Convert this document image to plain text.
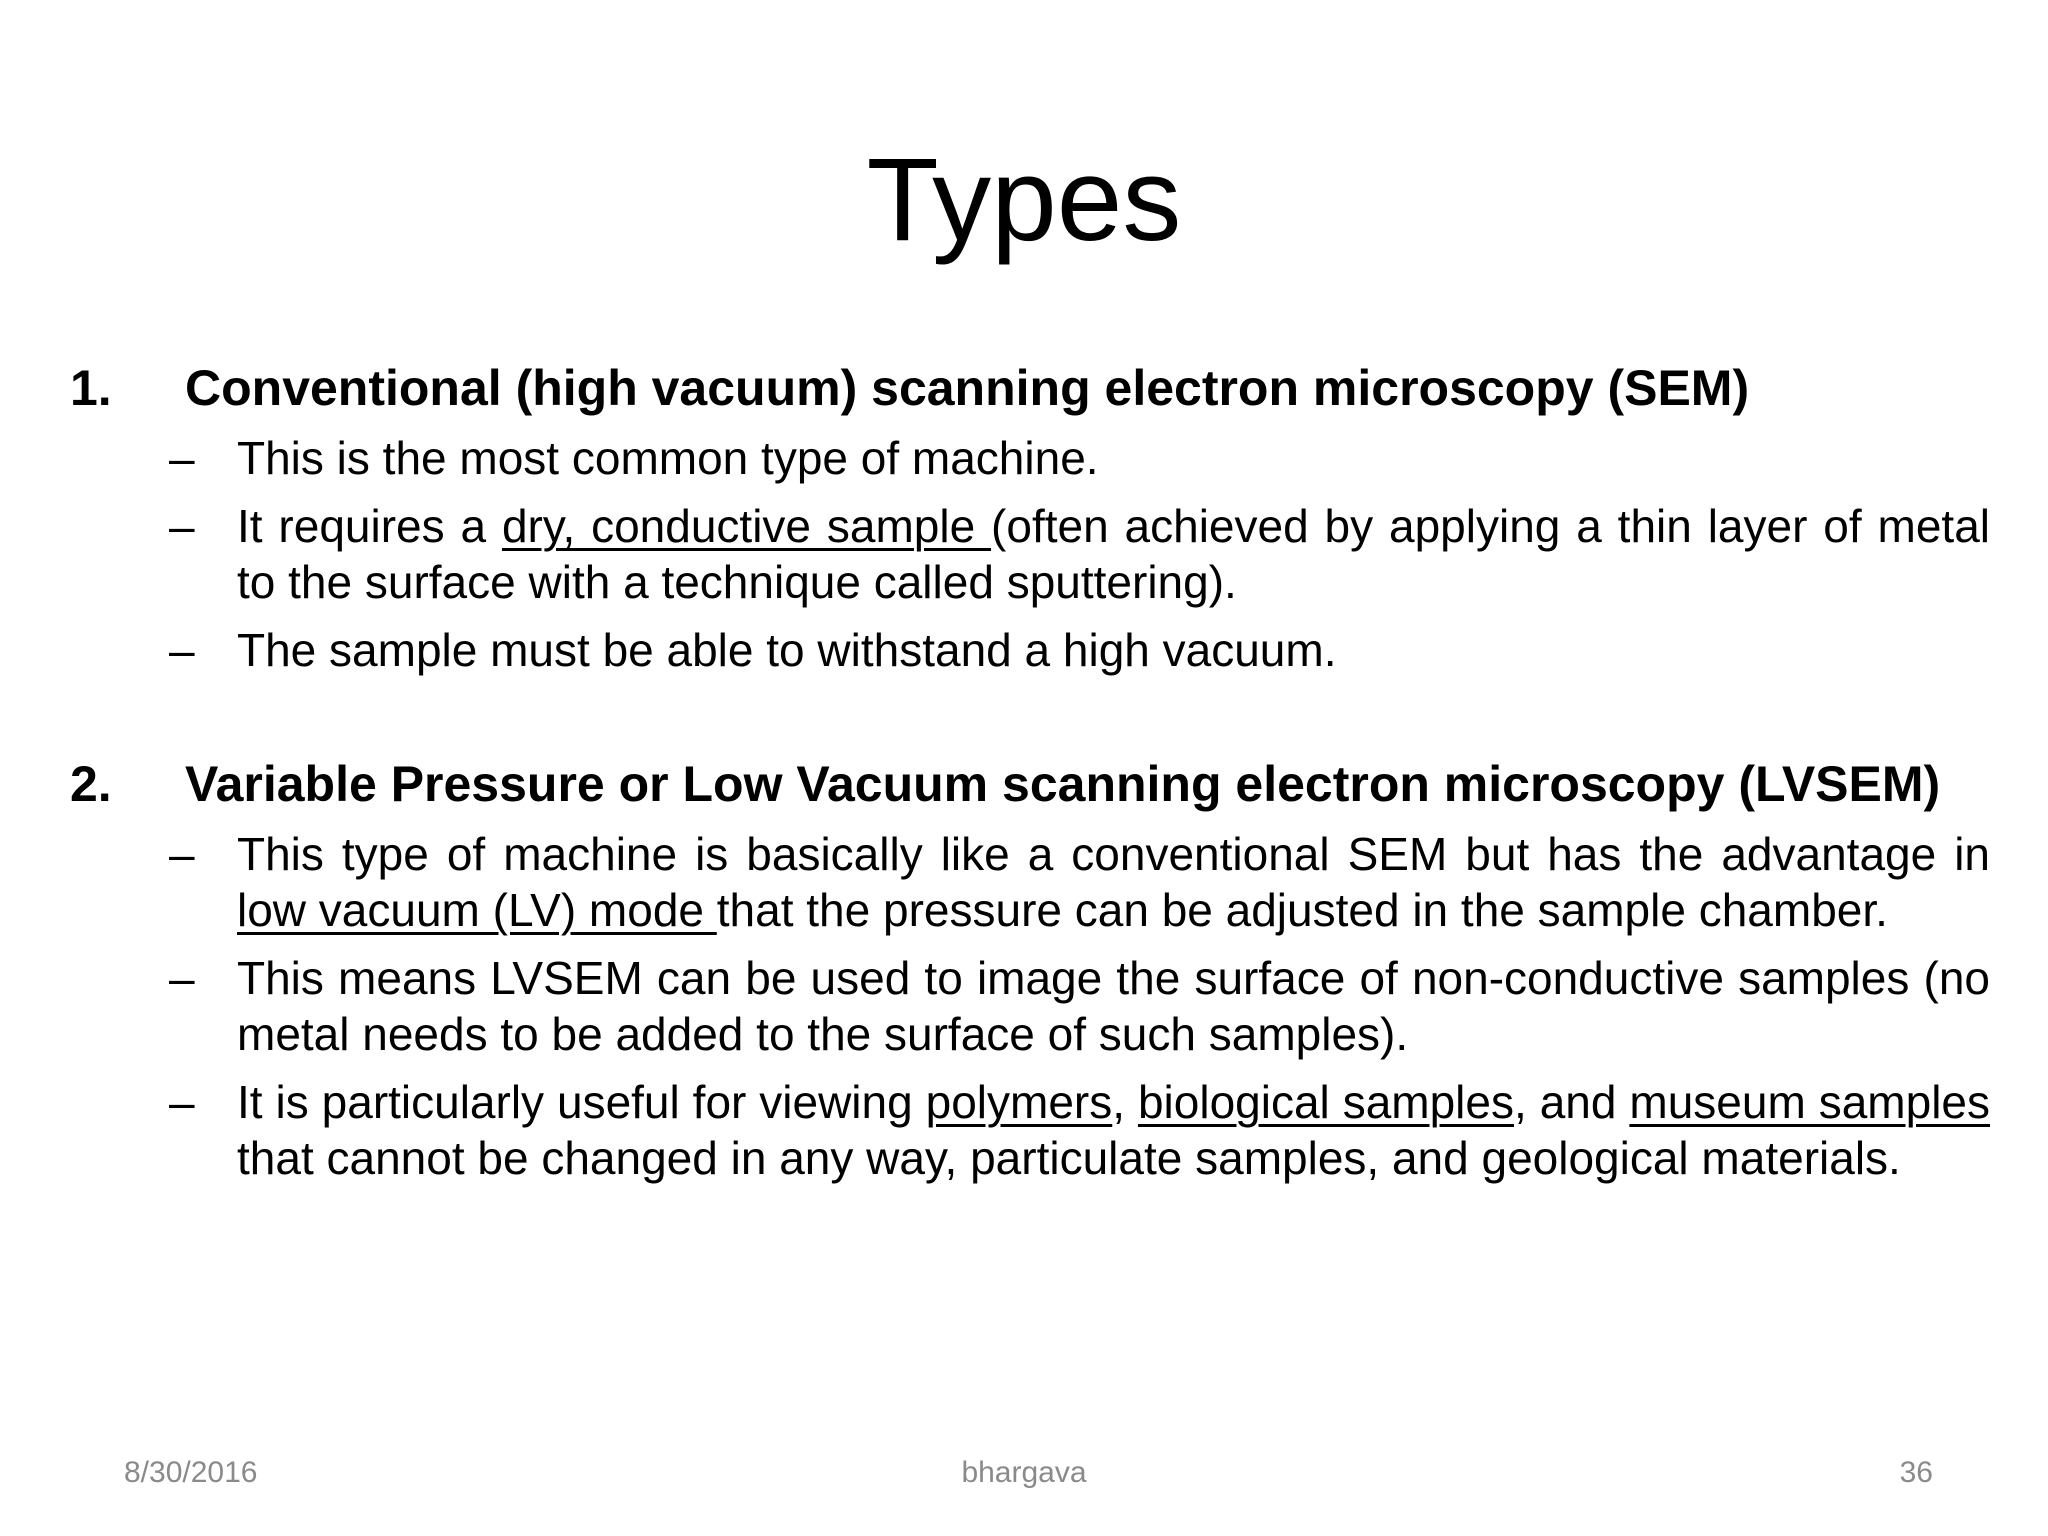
Types
1. Conventional (high vacuum) scanning electron microscopy (SEM)
– This is the most common type of machine.
– It requires a dry, conductive sample (often achieved by applying a thin layer of metal to the surface with a technique called sputtering).
– The sample must be able to withstand a high vacuum.
2. Variable Pressure or Low Vacuum scanning electron microscopy (LVSEM)
– This type of machine is basically like a conventional SEM but has the advantage in low vacuum (LV) mode that the pressure can be adjusted in the sample chamber.
– This means LVSEM can be used to image the surface of non-conductive samples (no metal needs to be added to the surface of such samples).
– It is particularly useful for viewing polymers, biological samples, and museum samples that cannot be changed in any way, particulate samples, and geological materials.
8/30/2016	bhargava	36
